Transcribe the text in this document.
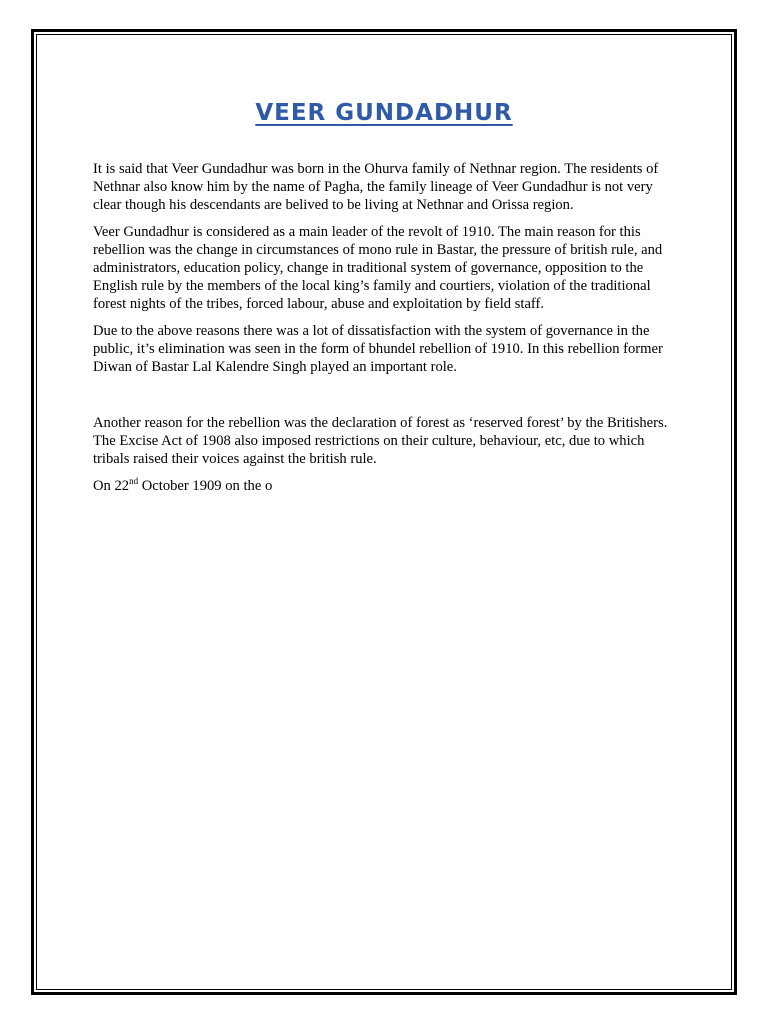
VEER GUNDADHUR

It is said that Veer Gundadhur was born in the Ohurva family of Nethnar region. The residents of Nethnar also know him by the name of Pagha, the family lineage of Veer Gundadhur is not very clear though his descendants are belived to be living at Nethnar and Orissa region.

Veer Gundadhur is considered as a main leader of the revolt of 1910. The main reason for this rebellion was the change in circumstances of mono rule in Bastar, the pressure of british rule, and administrators, education policy, change in traditional system of governance, opposition to the English rule by the members of the local king’s family and courtiers, violation of the traditional forest nights of the tribes, forced labour, abuse and exploitation by field staff.

Due to the above reasons there was a lot of dissatisfaction with the system of governance in the public, it’s elimination was seen in the form of bhundel rebellion of 1910. In this rebellion former Diwan of Bastar Lal Kalendre Singh played an important role.

Another reason for the rebellion was the declaration of forest as ‘reserved forest’ by the Britishers. The Excise Act of 1908 also imposed restrictions on their culture, behaviour, etc, due to which tribals raised their voices against the british rule.

On 22nd October 1909 on the o
